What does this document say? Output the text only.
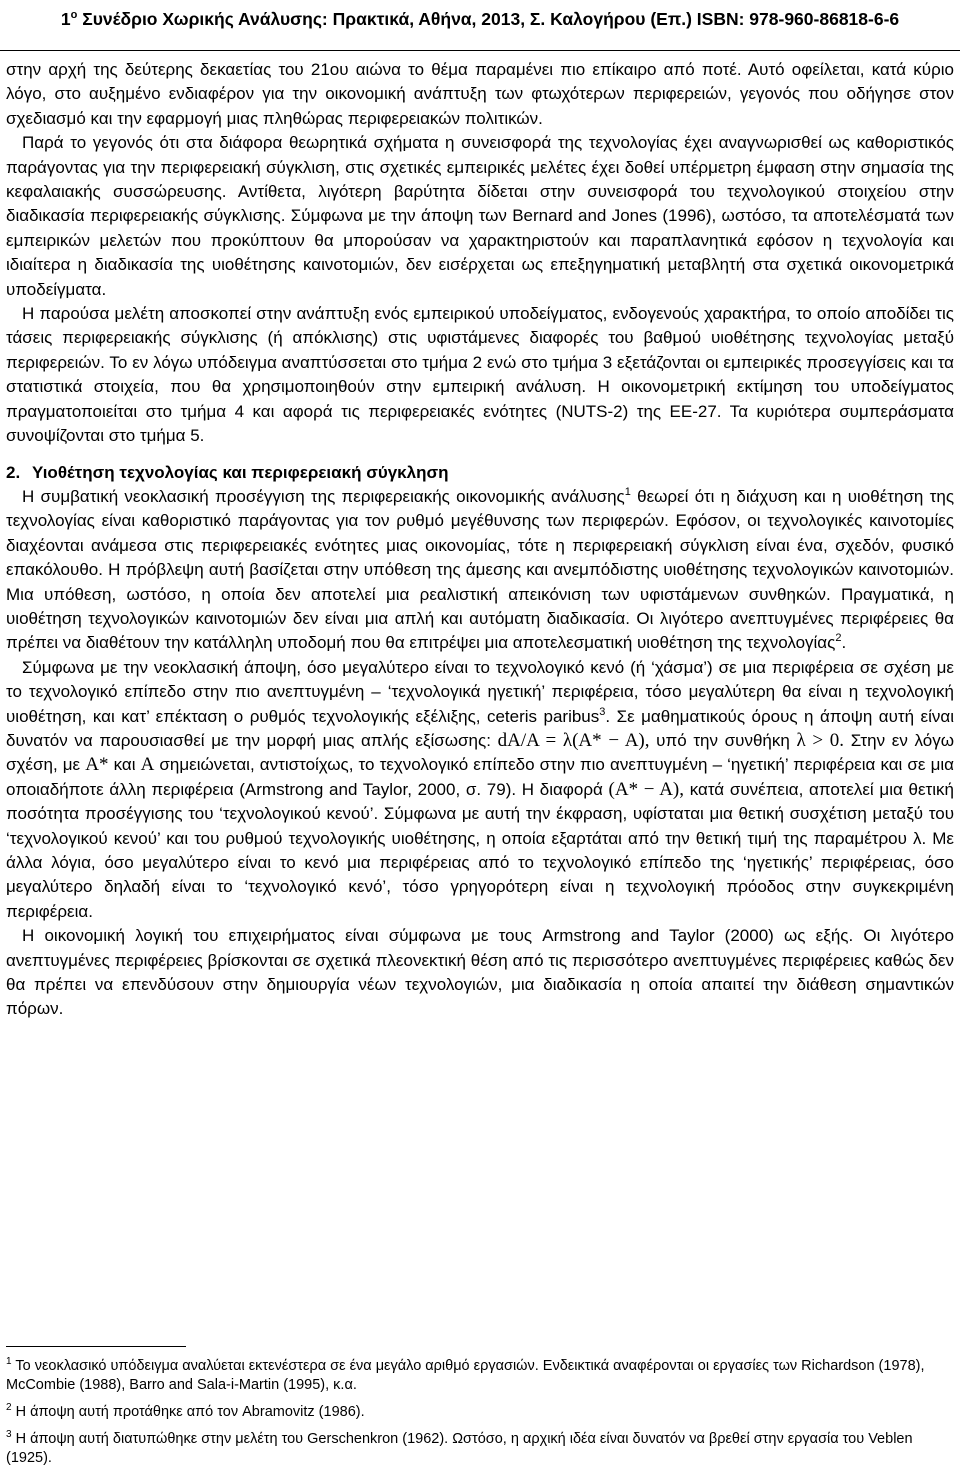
$1^o$ Συνέδριο Χωρικής Ανάλυσης: Πρακτικά, Αθήνα, 2013, Σ. Καλογήρου (Επ.) ISBN: 978-960-86818-6-6

στην αρχή της δεύτερης δεκαετίας του 21ου αιώνα το θέμα παραμένει πιο επίκαιρο από ποτέ. Αυτό οφείλεται, κατά κύριο λόγο, στο αυξημένο ενδιαφέρον για την οικονομική ανάπτυξη των φτωχότερων περιφερειών, γεγονός που οδήγησε στον σχεδιασμό και την εφαρμογή μιας πληθώρας περιφερειακών πολιτικών.

Παρά το γεγονός ότι στα διάφορα θεωρητικά σχήματα η συνεισφορά της τεχνολογίας έχει αναγνωρισθεί ως καθοριστικός παράγοντας για την περιφερειακή σύγκλιση, στις σχετικές εμπειρικές μελέτες έχει δοθεί υπέρμετρη έμφαση στην σημασία της κεφαλαιακής συσσώρευσης. Αντίθετα, λιγότερη βαρύτητα δίδεται στην συνεισφορά του τεχνολογικού στοιχείου στην διαδικασία περιφερειακής σύγκλισης. Σύμφωνα με την άποψη των Bernard and Jones (1996), ωστόσο, τα αποτελέσματά των εμπειρικών μελετών που προκύπτουν θα μπορούσαν να χαρακτηριστούν και παραπλανητικά εφόσον η τεχνολογία και ιδιαίτερα η διαδικασία της υιοθέτησης καινοτομιών, δεν εισέρχεται ως επεξηγηματική μεταβλητή στα σχετικά οικονομετρικά υποδείγματα.

Η παρούσα μελέτη αποσκοπεί στην ανάπτυξη ενός εμπειρικού υποδείγματος, ενδογενούς χαρακτήρα, το οποίο αποδίδει τις τάσεις περιφερειακής σύγκλισης (ή απόκλισης) στις υφιστάμενες διαφορές του βαθμού υιοθέτησης τεχνολογίας μεταξύ περιφερειών. Το εν λόγω υπόδειγμα αναπτύσσεται στο τμήμα 2 ενώ στο τμήμα 3 εξετάζονται οι εμπειρικές προσεγγίσεις και τα στατιστικά στοιχεία, που θα χρησιμοποιηθούν στην εμπειρική ανάλυση. Η οικονομετρική εκτίμηση του υποδείγματος πραγματοποιείται στο τμήμα 4 και αφορά τις περιφερειακές ενότητες (NUTS-2) της ΕΕ-27. Τα κυριότερα συμπεράσματα συνοψίζονται στο τμήμα 5.

2. Υιοθέτηση τεχνολογίας και περιφερειακή σύγκληση

Η συμβατική νεοκλασική προσέγγιση της περιφερειακής οικονομικής ανάλυσης$^1$ θεωρεί ότι η διάχυση και η υιοθέτηση της τεχνολογίας είναι καθοριστικό παράγοντας για τον ρυθμό μεγέθυνσης των περιφερών. Εφόσον, οι τεχνολογικές καινοτομίες διαχέονται ανάμεσα στις περιφερειακές ενότητες μιας οικονομίας, τότε η περιφερειακή σύγκλιση είναι ένα, σχεδόν, φυσικό επακόλουθο. Η πρόβλεψη αυτή βασίζεται στην υπόθεση της άμεσης και ανεμπόδιστης υιοθέτησης τεχνολογικών καινοτομιών. Μια υπόθεση, ωστόσο, η οποία δεν αποτελεί μια ρεαλιστική απεικόνιση των υφιστάμενων συνθηκών. Πραγματικά, η υιοθέτηση τεχνολογικών καινοτομιών δεν είναι μια απλή και αυτόματη διαδικασία. Οι λιγότερο ανεπτυγμένες περιφέρειες θα πρέπει να διαθέτουν την κατάλληλη υποδομή που θα επιτρέψει μια αποτελεσματική υιοθέτηση της τεχνολογίας$^2$.

Σύμφωνα με την νεοκλασική άποψη, όσο μεγαλύτερο είναι το τεχνολογικό κενό (ή ‘χάσμα’) σε μια περιφέρεια σε σχέση με το τεχνολογικό επίπεδο στην πιο ανεπτυγμένη – ‘τεχνολογικά ηγετική’ περιφέρεια, τόσο μεγαλύτερη θα είναι η τεχνολογική υιοθέτηση, και κατ’ επέκταση ο ρυθμός τεχνολογικής εξέλιξης, ceteris paribus$^3$. Σε μαθηματικούς όρους η άποψη αυτή είναι δυνατόν να παρουσιασθεί με την μορφή μιας απλής εξίσωσης: dA/A = λ(A* − A), υπό την συνθήκη λ > 0. Στην εν λόγω σχέση, με A* και A σημειώνεται, αντιστοίχως, το τεχνολογικό επίπεδο στην πιο ανεπτυγμένη – ‘ηγετική’ περιφέρεια και σε μια οποιαδήποτε άλλη περιφέρεια (Armstrong and Taylor, 2000, σ. 79). Η διαφορά (A* − A), κατά συνέπεια, αποτελεί μια θετική ποσότητα προσέγγισης του ‘τεχνολογικού κενού’. Σύμφωνα με αυτή την έκφραση, υφίσταται μια θετική συσχέτιση μεταξύ του ‘τεχνολογικού κενού’ και του ρυθμού τεχνολογικής υιοθέτησης, η οποία εξαρτάται από την θετική τιμή της παραμέτρου λ. Με άλλα λόγια, όσο μεγαλύτερο είναι το κενό μια περιφέρειας από το τεχνολογικό επίπεδο της ‘ηγετικής’ περιφέρειας, όσο μεγαλύτερο δηλαδή είναι το ‘τεχνολογικό κενό’, τόσο γρηγορότερη είναι η τεχνολογική πρόοδος στην συγκεκριμένη περιφέρεια.

Η οικονομική λογική του επιχειρήματος είναι σύμφωνα με τους Armstrong and Taylor (2000) ως εξής. Οι λιγότερο ανεπτυγμένες περιφέρειες βρίσκονται σε σχετικά πλεονεκτική θέση από τις περισσότερο ανεπτυγμένες περιφέρειες καθώς δεν θα πρέπει να επενδύσουν στην δημιουργία νέων τεχνολογιών, μια διαδικασία η οποία απαιτεί την διάθεση σημαντικών πόρων.

$^1$ Το νεοκλασικό υπόδειγμα αναλύεται εκτενέστερα σε ένα μεγάλο αριθμό εργασιών. Ενδεικτικά αναφέρονται οι εργασίες των Richardson (1978), McCombie (1988), Barro and Sala-i-Martin (1995), κ.α.

$^2$ Η άποψη αυτή προτάθηκε από τον Abramovitz (1986).

$^3$ Η άποψη αυτή διατυπώθηκε στην μελέτη του Gerschenkron (1962). Ωστόσο, η αρχική ιδέα είναι δυνατόν να βρεθεί στην εργασία του Veblen (1925).
